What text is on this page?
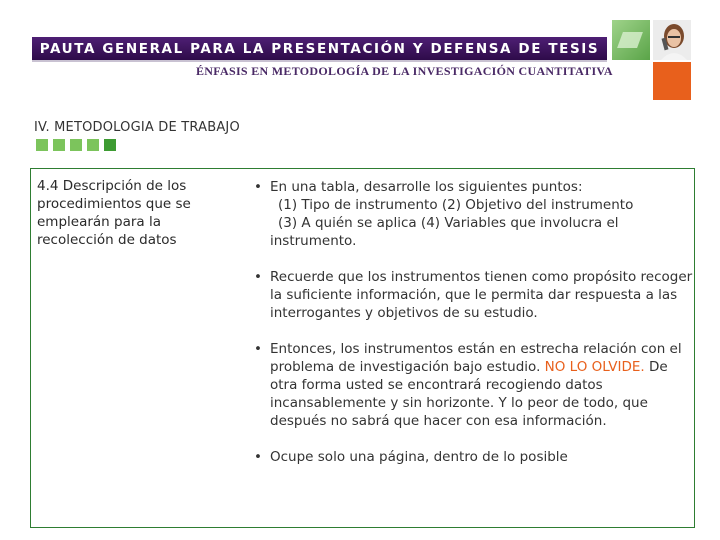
PAUTA GENERAL PARA LA PRESENTACIÓN Y DEFENSA DE TESIS
ÉNFASIS EN METODOLOGÍA DE LA INVESTIGACIÓN CUANTITATIVA
IV. METODOLOGIA DE TRABAJO
4.4 Descripción de los procedimientos que se emplearán para la recolección de datos
• En una tabla, desarrolle los siguientes puntos:
(1) Tipo de instrumento (2) Objetivo del instrumento
(3) A quién se aplica (4) Variables que involucra el
instrumento.
• Recuerde que los instrumentos tienen como propósito recoger la suficiente información, que le permita dar respuesta a las interrogantes y objetivos de su estudio.
• Entonces, los instrumentos están en estrecha relación con el problema de investigación bajo estudio. NO LO OLVIDE. De otra forma usted se encontrará recogiendo datos incansablemente y sin horizonte. Y lo peor de todo, que después no sabrá que hacer con esa información.
• Ocupe solo una página, dentro de lo posible
